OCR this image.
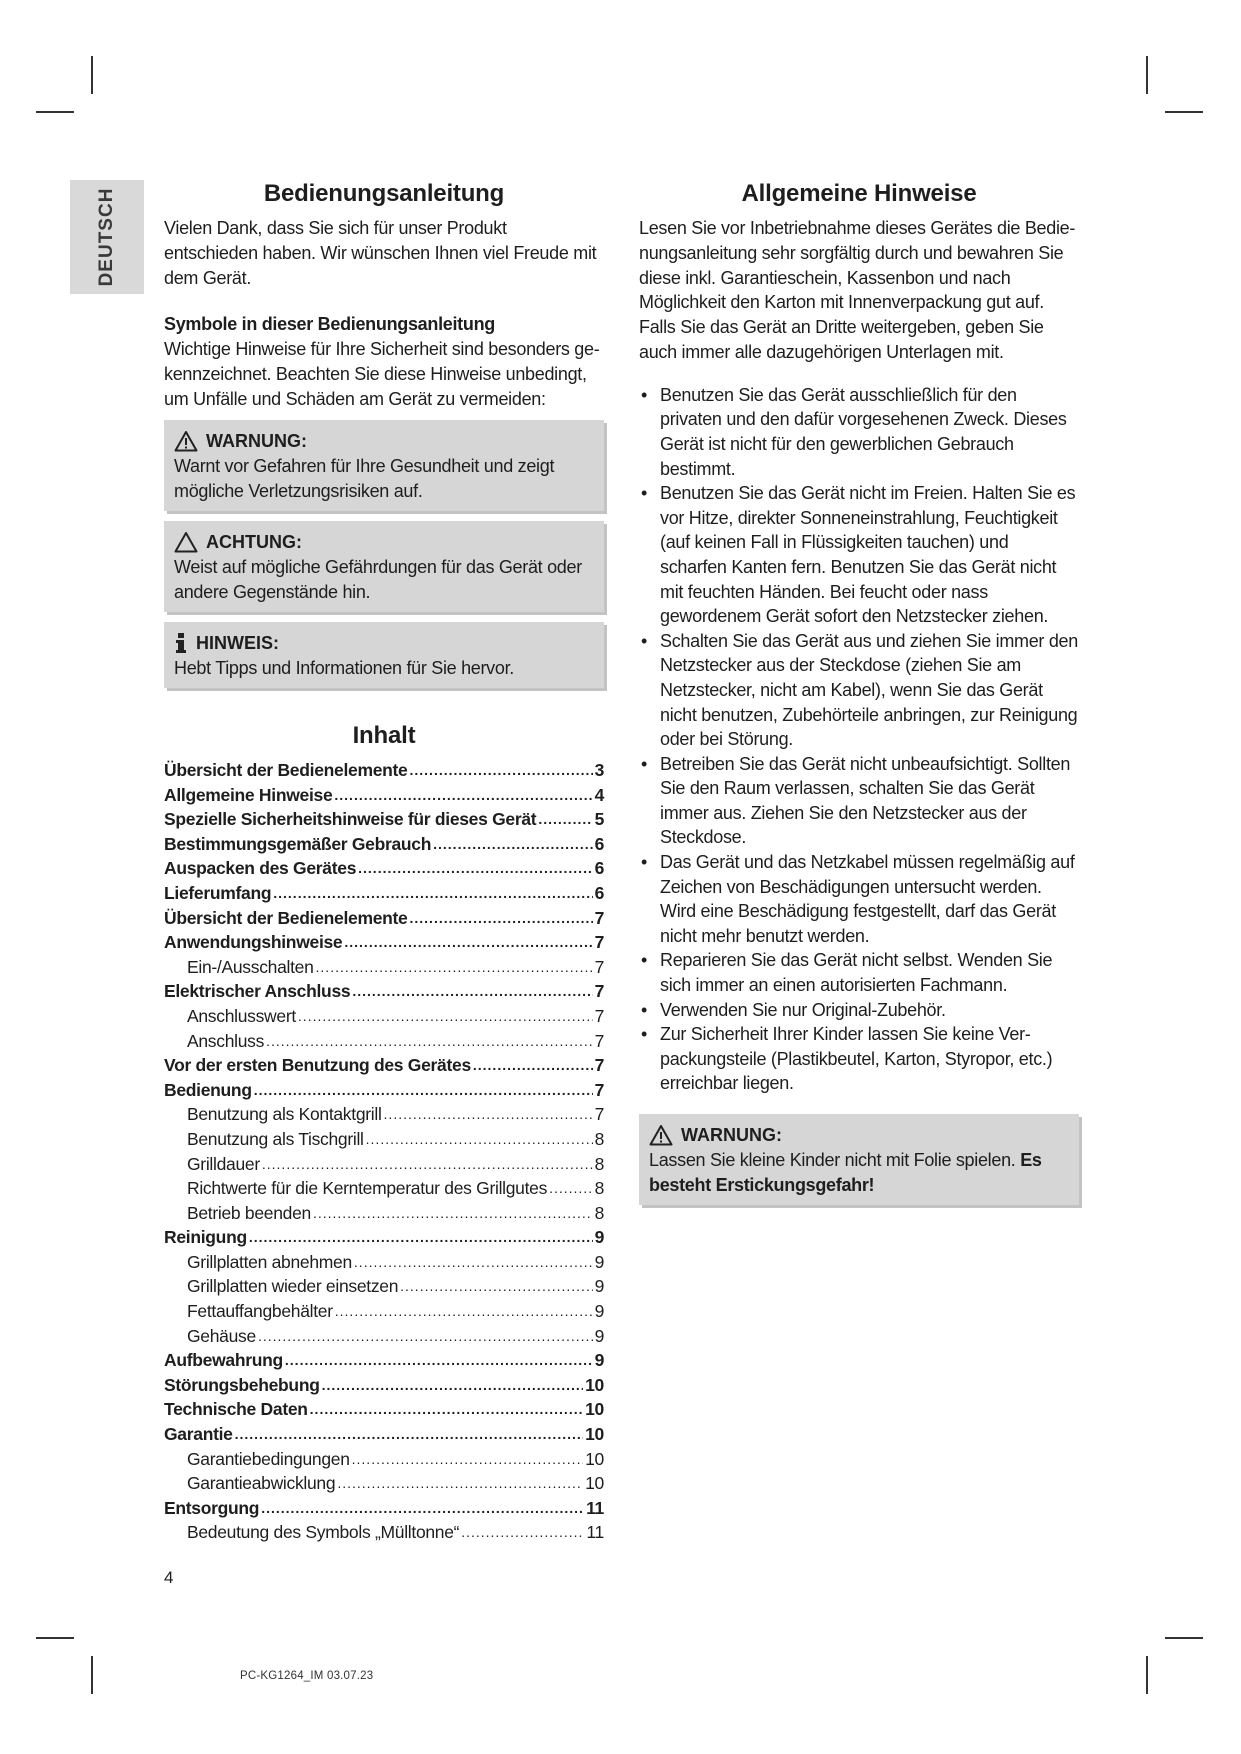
DEUTSCH	Bedienungsanleitung

Vielen Dank, dass Sie sich für unser Produkt entschieden haben. Wir wünschen Ihnen viel Freude mit dem Gerät.

Symbole in dieser Bedienungsanleitung

Wichtige Hinweise für Ihre Sicherheit sind besonders gekennzeichnet. Beachten Sie diese Hinweise unbedingt, um Unfälle und Schäden am Gerät zu vermeiden:

WARNUNG:
Warnt vor Gefahren für Ihre Gesundheit und zeigt mögliche Verletzungsrisiken auf.
ACHTUNG:
Weist auf mögliche Gefährdungen für das Gerät oder andere Gegenstände hin.
HINWEIS:
Hebt Tipps und Informationen für Sie hervor.
Inhalt
Übersicht der Bedienelemente .....	3
Allgemeine Hinweise .....	4
Spezielle Sicherheitshinweise für dieses Gerät .....	5
Bestimmungsgemäßer Gebrauch .....	6
Auspacken des Gerätes .....	6
Lieferumfang .....	6
Übersicht der Bedienelemente .....	7
Anwendungshinweise .....	7
Ein-/Ausschalten .....	7
Elektrischer Anschluss .....	7
Anschlusswert .....	7
Anschluss .....	7
Vor der ersten Benutzung des Gerätes .....	7
Bedienung .....	7
Benutzung als Kontaktgrill .....	7
Benutzung als Tischgrill .....	8
Grilldauer .....	8
Richtwerte für die Kerntemperatur des Grillgutes .....	8
Betrieb beenden .....	8
Reinigung .....	9
Grillplatten abnehmen .....	9
Grillplatten wieder einsetzen .....	9
Fettauffangbehälter .....	9
Gehäuse .....	9
Aufbewahrung .....	9
Störungsbehebung .....	10
Technische Daten .....	10
Garantie .....	10
Garantiebedingungen .....	10
Garantieabwicklung .....	10
Entsorgung .....	11
Bedeutung des Symbols „Mülltonne“ .....	11
Allgemeine Hinweise

Lesen Sie vor Inbetriebnahme dieses Gerätes die Bedienungsanleitung sehr sorgfältig durch und bewahren Sie diese inkl. Garantieschein, Kassenbon und nach Möglichkeit den Karton mit Innenverpackung gut auf. Falls Sie das Gerät an Dritte weitergeben, geben Sie auch immer alle dazugehörigen Unterlagen mit.

• Benutzen Sie das Gerät ausschließlich für den privaten und den dafür vorgesehenen Zweck. Dieses Gerät ist nicht für den gewerblichen Gebrauch bestimmt.
• Benutzen Sie das Gerät nicht im Freien. Halten Sie es vor Hitze, direkter Sonneneinstrahlung, Feuchtigkeit (auf keinen Fall in Flüssigkeiten tauchen) und scharfen Kanten fern. Benutzen Sie das Gerät nicht mit feuchten Händen. Bei feucht oder nass gewordenem Gerät sofort den Netzstecker ziehen.
• Schalten Sie das Gerät aus und ziehen Sie immer den Netzstecker aus der Steckdose (ziehen Sie am Netzstecker, nicht am Kabel), wenn Sie das Gerät nicht benutzen, Zubehörteile anbringen, zur Reinigung oder bei Störung.
• Betreiben Sie das Gerät nicht unbeaufsichtigt. Sollten Sie den Raum verlassen, schalten Sie das Gerät immer aus. Ziehen Sie den Netzstecker aus der Steckdose.
• Das Gerät und das Netzkabel müssen regelmäßig auf Zeichen von Beschädigungen untersucht werden. Wird eine Beschädigung festgestellt, darf das Gerät nicht mehr benutzt werden.
• Reparieren Sie das Gerät nicht selbst. Wenden Sie sich immer an einen autorisierten Fachmann.
• Verwenden Sie nur Original-Zubehör.
• Zur Sicherheit Ihrer Kinder lassen Sie keine Verpackungsteile (Plastikbeutel, Karton, Styropor, etc.) erreichbar liegen.
WARNUNG:
Lassen Sie kleine Kinder nicht mit Folie spielen. Es besteht Erstickungsgefahr!
4
PC-KG1264_IM 03.07.23
